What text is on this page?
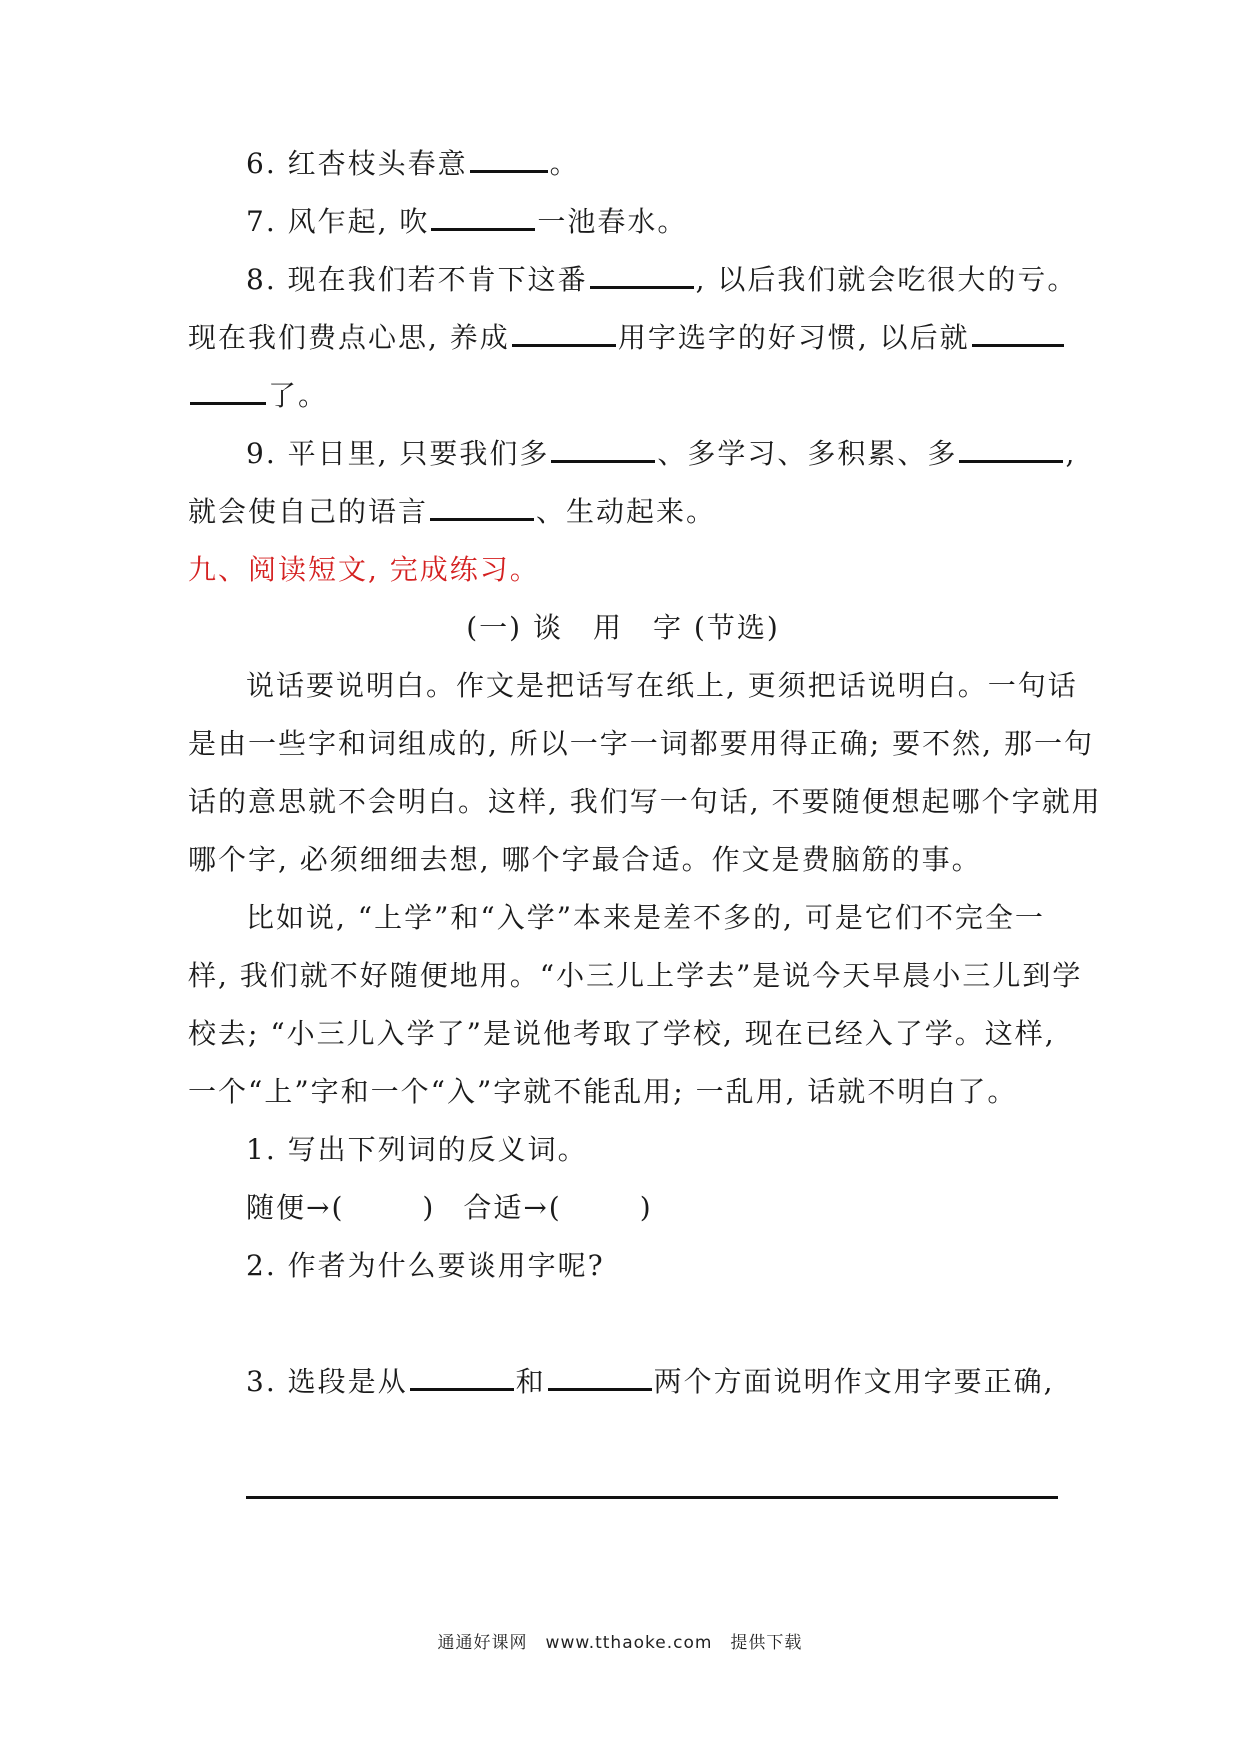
6. 红杏枝头春意	。
7. 风乍起, 吹	一池春水。
8. 现在我们若不肯下这番	, 以后我们就会吃很大的亏。
现在我们费点心思, 养成	用字选字的好习惯, 以后就
了。
9. 平日里, 只要我们多	、多学习、多积累、多	,
就会使自己的语言	、生动起来。
九、阅读短文, 完成练习。
(一) 谈　用　字 (节选)
说话要说明白。作文是把话写在纸上, 更须把话说明白。一句话
是由一些字和词组成的, 所以一字一词都要用得正确; 要不然, 那一句
话的意思就不会明白。这样, 我们写一句话, 不要随便想起哪个字就用
哪个字, 必须细细去想, 哪个字最合适。作文是费脑筋的事。
比如说, “上学”和“入学”本来是差不多的, 可是它们不完全一
样, 我们就不好随便地用。“小三儿上学去”是说今天早晨小三儿到学
校去; “小三儿入学了”是说他考取了学校, 现在已经入了学。这样,
一个“上”字和一个“入”字就不能乱用; 一乱用, 话就不明白了。
1. 写出下列词的反义词。
随便→(	) 合适→(	)
2. 作者为什么要谈用字呢?
3. 选段是从	和	两个方面说明作文用字要正确,
通通好课网　www.tthaoke.com　提供下载
